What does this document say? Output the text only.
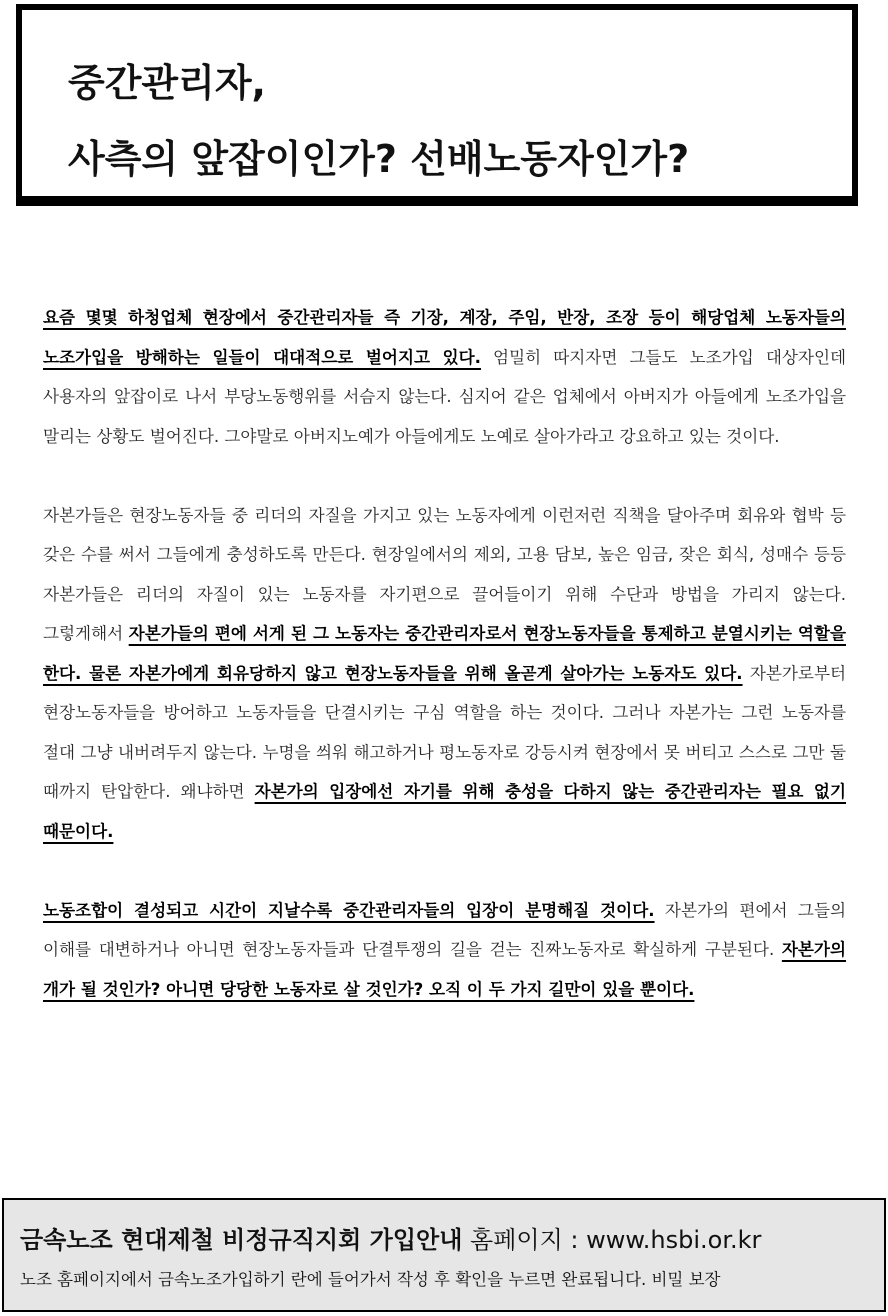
중간관리자,
사측의 앞잡이인가? 선배노동자인가?

요즘 몇몇 하청업체 현장에서 중간관리자들 즉 기장, 계장, 주임, 반장, 조장 등이 해당업체 노동자들의 노조가입을 방해하는 일들이 대대적으로 벌어지고 있다. 엄밀히 따지자면 그들도 노조가입 대상자인데 사용자의 앞잡이로 나서 부당노동행위를 서슴지 않는다. 심지어 같은 업체에서 아버지가 아들에게 노조가입을 말리는 상황도 벌어진다. 그야말로 아버지노예가 아들에게도 노예로 살아가라고 강요하고 있는 것이다.

자본가들은 현장노동자들 중 리더의 자질을 가지고 있는 노동자에게 이런저런 직책을 달아주며 회유와 협박 등 갖은 수를 써서 그들에게 충성하도록 만든다. 현장일에서의 제외, 고용 담보, 높은 임금, 잦은 회식, 성매수 등등 자본가들은 리더의 자질이 있는 노동자를 자기편으로 끌어들이기 위해 수단과 방법을 가리지 않는다. 그렇게해서 자본가들의 편에 서게 된 그 노동자는 중간관리자로서 현장노동자들을 통제하고 분열시키는 역할을 한다. 물론 자본가에게 회유당하지 않고 현장노동자들을 위해 올곧게 살아가는 노동자도 있다. 자본가로부터 현장노동자들을 방어하고 노동자들을 단결시키는 구심 역할을 하는 것이다. 그러나 자본가는 그런 노동자를 절대 그냥 내버려두지 않는다. 누명을 씌워 해고하거나 평노동자로 강등시켜 현장에서 못 버티고 스스로 그만 둘 때까지 탄압한다. 왜냐하면 자본가의 입장에선 자기를 위해 충성을 다하지 않는 중간관리자는 필요 없기 때문이다.

노동조합이 결성되고 시간이 지날수록 중간관리자들의 입장이 분명해질 것이다. 자본가의 편에서 그들의 이해를 대변하거나 아니면 현장노동자들과 단결투쟁의 길을 걷는 진짜노동자로 확실하게 구분된다. 자본가의 개가 될 것인가? 아니면 당당한 노동자로 살 것인가? 오직 이 두 가지 길만이 있을 뿐이다.

금속노조 현대제철 비정규직지회 가입안내 홈페이지 : www.hsbi.or.kr
노조 홈페이지에서 금속노조가입하기 란에 들어가서 작성 후 확인을 누르면 완료됩니다. 비밀 보장
